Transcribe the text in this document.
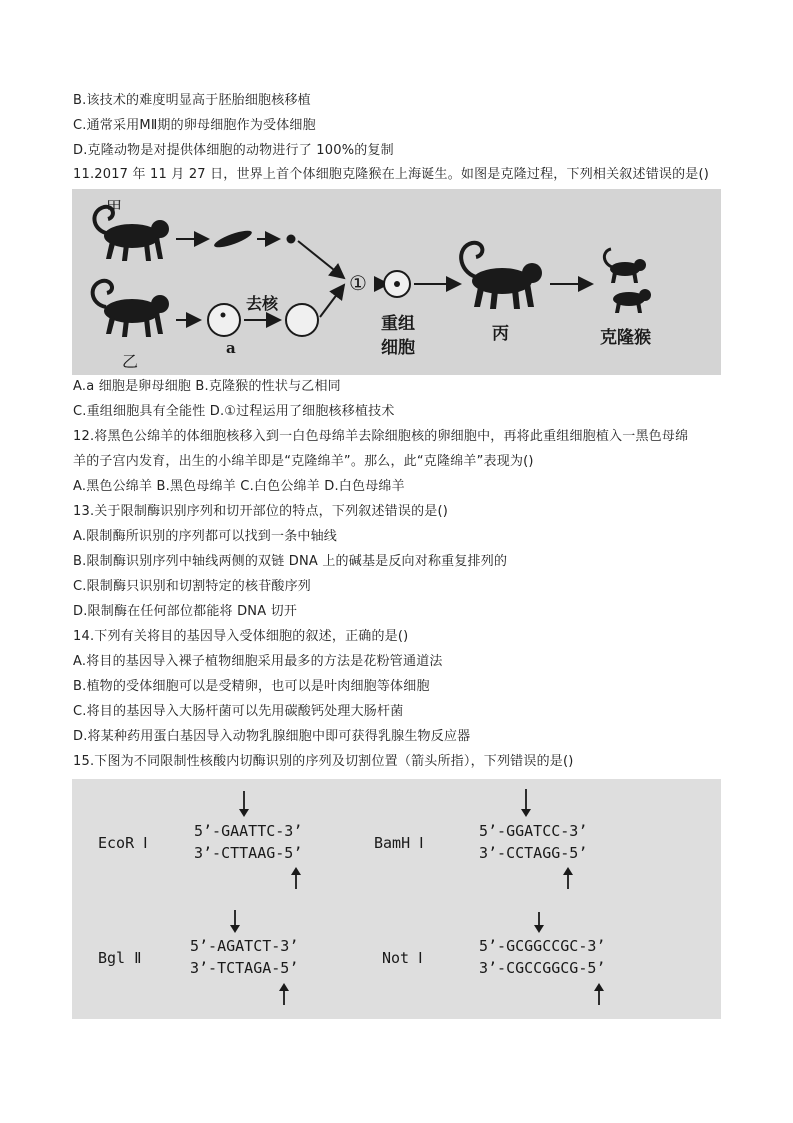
B.该技术的难度明显高于胚胎细胞核移植
C.通常采用MⅡ期的卵母细胞作为受体细胞
D.克隆动物是对提供体细胞的动物进行了 100%的复制
11.2017 年 11 月 27 日，世界上首个体细胞克隆猴在上海诞生。如图是克隆过程，下列相关叙述错误的是()
甲
乙
去核
a
①
重组
细胞
丙	克隆猴
A.a 细胞是卵母细胞 B.克隆猴的性状与乙相同
C.重组细胞具有全能性 D.①过程运用了细胞核移植技术
12.将黑色公绵羊的体细胞核移入到一白色母绵羊去除细胞核的卵细胞中，再将此重组细胞植入一黑色母绵
羊的子宫内发育，出生的小绵羊即是“克隆绵羊”。那么，此“克隆绵羊”表现为()
A.黑色公绵羊 B.黑色母绵羊 C.白色公绵羊 D.白色母绵羊
13.关于限制酶识别序列和切开部位的特点，下列叙述错误的是()
A.限制酶所识别的序列都可以找到一条中轴线
B.限制酶识别序列中轴线两侧的双链 DNA 上的碱基是反向对称重复排列的
C.限制酶只识别和切割特定的核苷酸序列
D.限制酶在任何部位都能将 DNA 切开
14.下列有关将目的基因导入受体细胞的叙述，正确的是()
A.将目的基因导入裸子植物细胞采用最多的方法是花粉管通道法
B.植物的受体细胞可以是受精卵，也可以是叶肉细胞等体细胞
C.将目的基因导入大肠杆菌可以先用碳酸钙处理大肠杆菌
D.将某种药用蛋白基因导入动物乳腺细胞中即可获得乳腺生物反应器
15.下图为不同限制性核酸内切酶识别的序列及切割位置（箭头所指），下列错误的是()
EcoR Ⅰ
5’-GAATTC-3’
3’-CTTAAG-5’
BamH Ⅰ
5’-GGATCC-3’
3’-CCTAGG-5’
Bgl Ⅱ
5’-AGATCT-3’
3’-TCTAGA-5’
Not Ⅰ
5’-GCGGCCGC-3’
3’-CGCCGGCG-5’
